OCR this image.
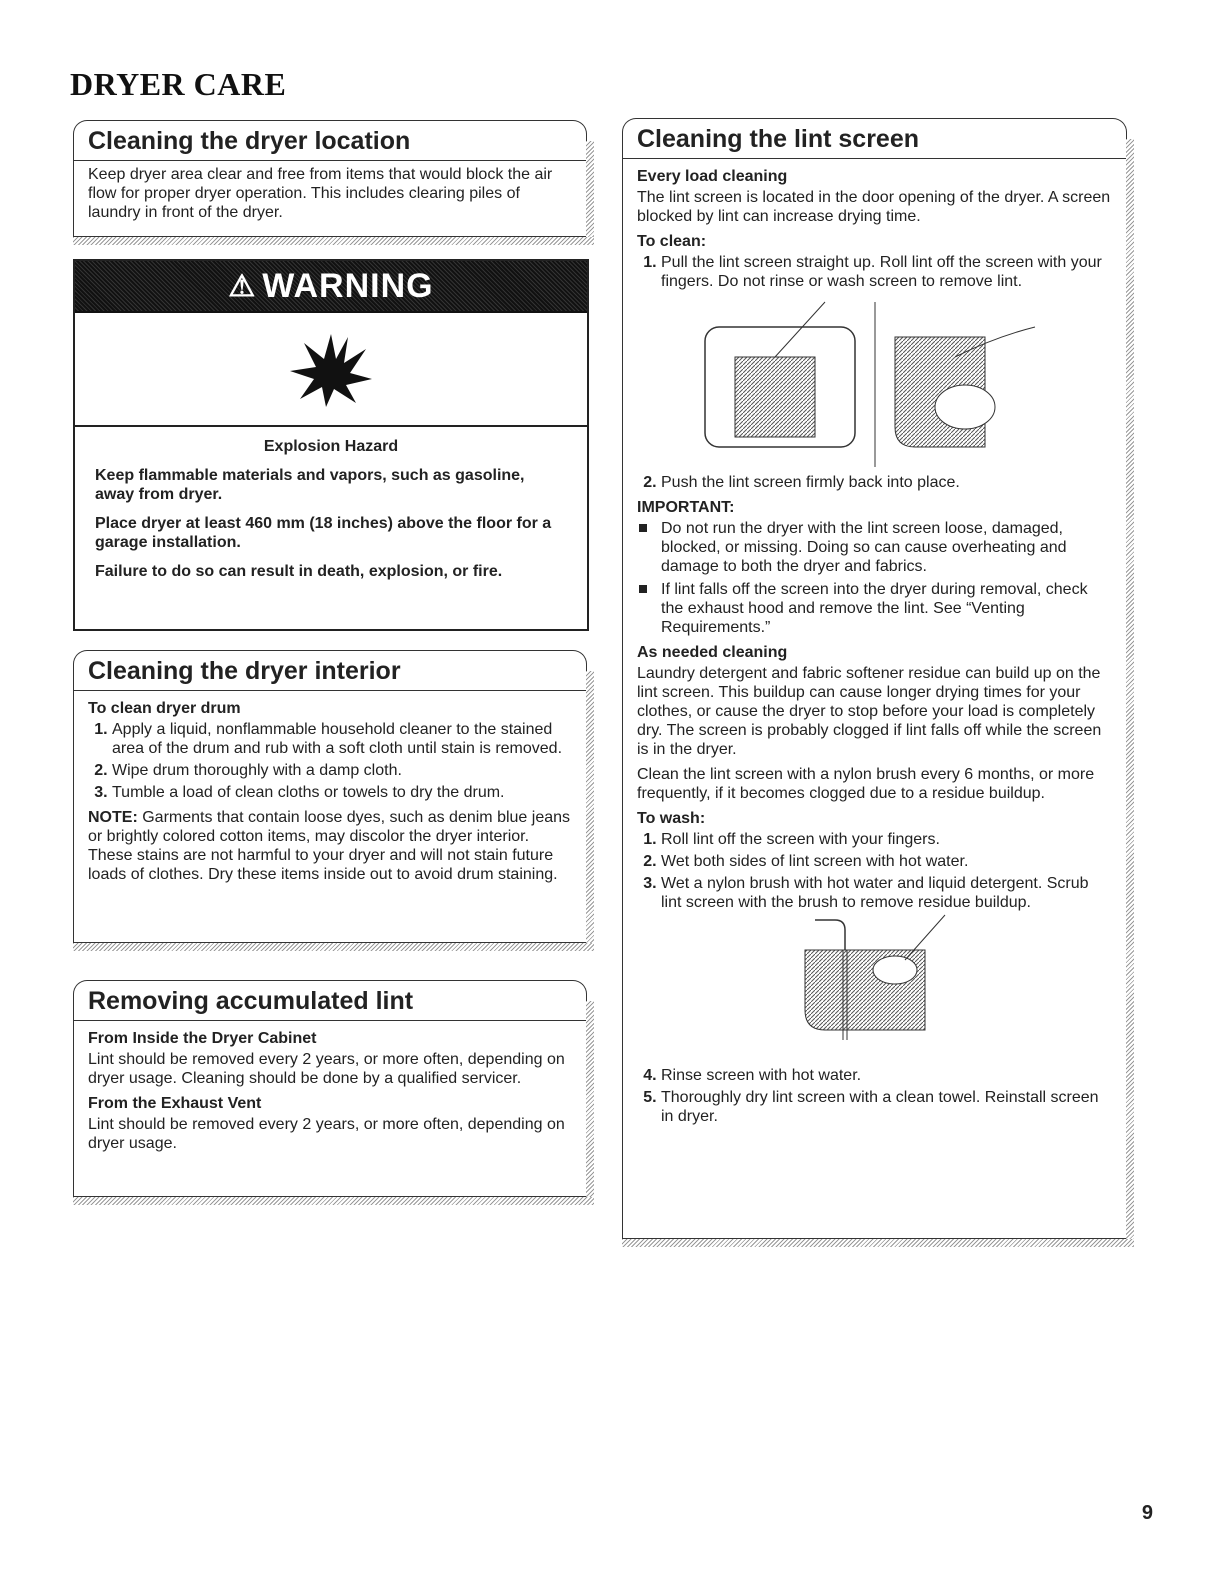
DRYER CARE
Cleaning the dryer location

Keep dryer area clear and free from items that would block the air flow for proper dryer operation. This includes clearing piles of laundry in front of the dryer.

⚠ WARNING

Explosion Hazard

Keep flammable materials and vapors, such as gasoline, away from dryer.

Place dryer at least 460 mm (18 inches) above the floor for a garage installation.

Failure to do so can result in death, explosion, or fire.

Cleaning the dryer interior
To clean dryer drum
1. Apply a liquid, nonflammable household cleaner to the stained area of the drum and rub with a soft cloth until stain is removed.
2. Wipe drum thoroughly with a damp cloth.
3. Tumble a load of clean cloths or towels to dry the drum.

NOTE: Garments that contain loose dyes, such as denim blue jeans or brightly colored cotton items, may discolor the dryer interior. These stains are not harmful to your dryer and will not stain future loads of clothes. Dry these items inside out to avoid drum staining.

Removing accumulated lint
From Inside the Dryer Cabinet

Lint should be removed every 2 years, or more often, depending on dryer usage. Cleaning should be done by a qualified servicer.

From the Exhaust Vent

Lint should be removed every 2 years, or more often, depending on dryer usage.

Cleaning the lint screen
Every load cleaning

The lint screen is located in the door opening of the dryer. A screen blocked by lint can increase drying time.

To clean:
1. Pull the lint screen straight up. Roll lint off the screen with your fingers. Do not rinse or wash screen to remove lint.
2. Push the lint screen firmly back into place.
IMPORTANT:
Do not run the dryer with the lint screen loose, damaged, blocked, or missing. Doing so can cause overheating and damage to both the dryer and fabrics.
If lint falls off the screen into the dryer during removal, check the exhaust hood and remove the lint. See “Venting Requirements.”
As needed cleaning

Laundry detergent and fabric softener residue can build up on the lint screen. This buildup can cause longer drying times for your clothes, or cause the dryer to stop before your load is completely dry. The screen is probably clogged if lint falls off while the screen is in the dryer.

Clean the lint screen with a nylon brush every 6 months, or more frequently, if it becomes clogged due to a residue buildup.

To wash:
1. Roll lint off the screen with your fingers.
2. Wet both sides of lint screen with hot water.
3. Wet a nylon brush with hot water and liquid detergent. Scrub lint screen with the brush to remove residue buildup.
4. Rinse screen with hot water.
5. Thoroughly dry lint screen with a clean towel. Reinstall screen in dryer.
9
